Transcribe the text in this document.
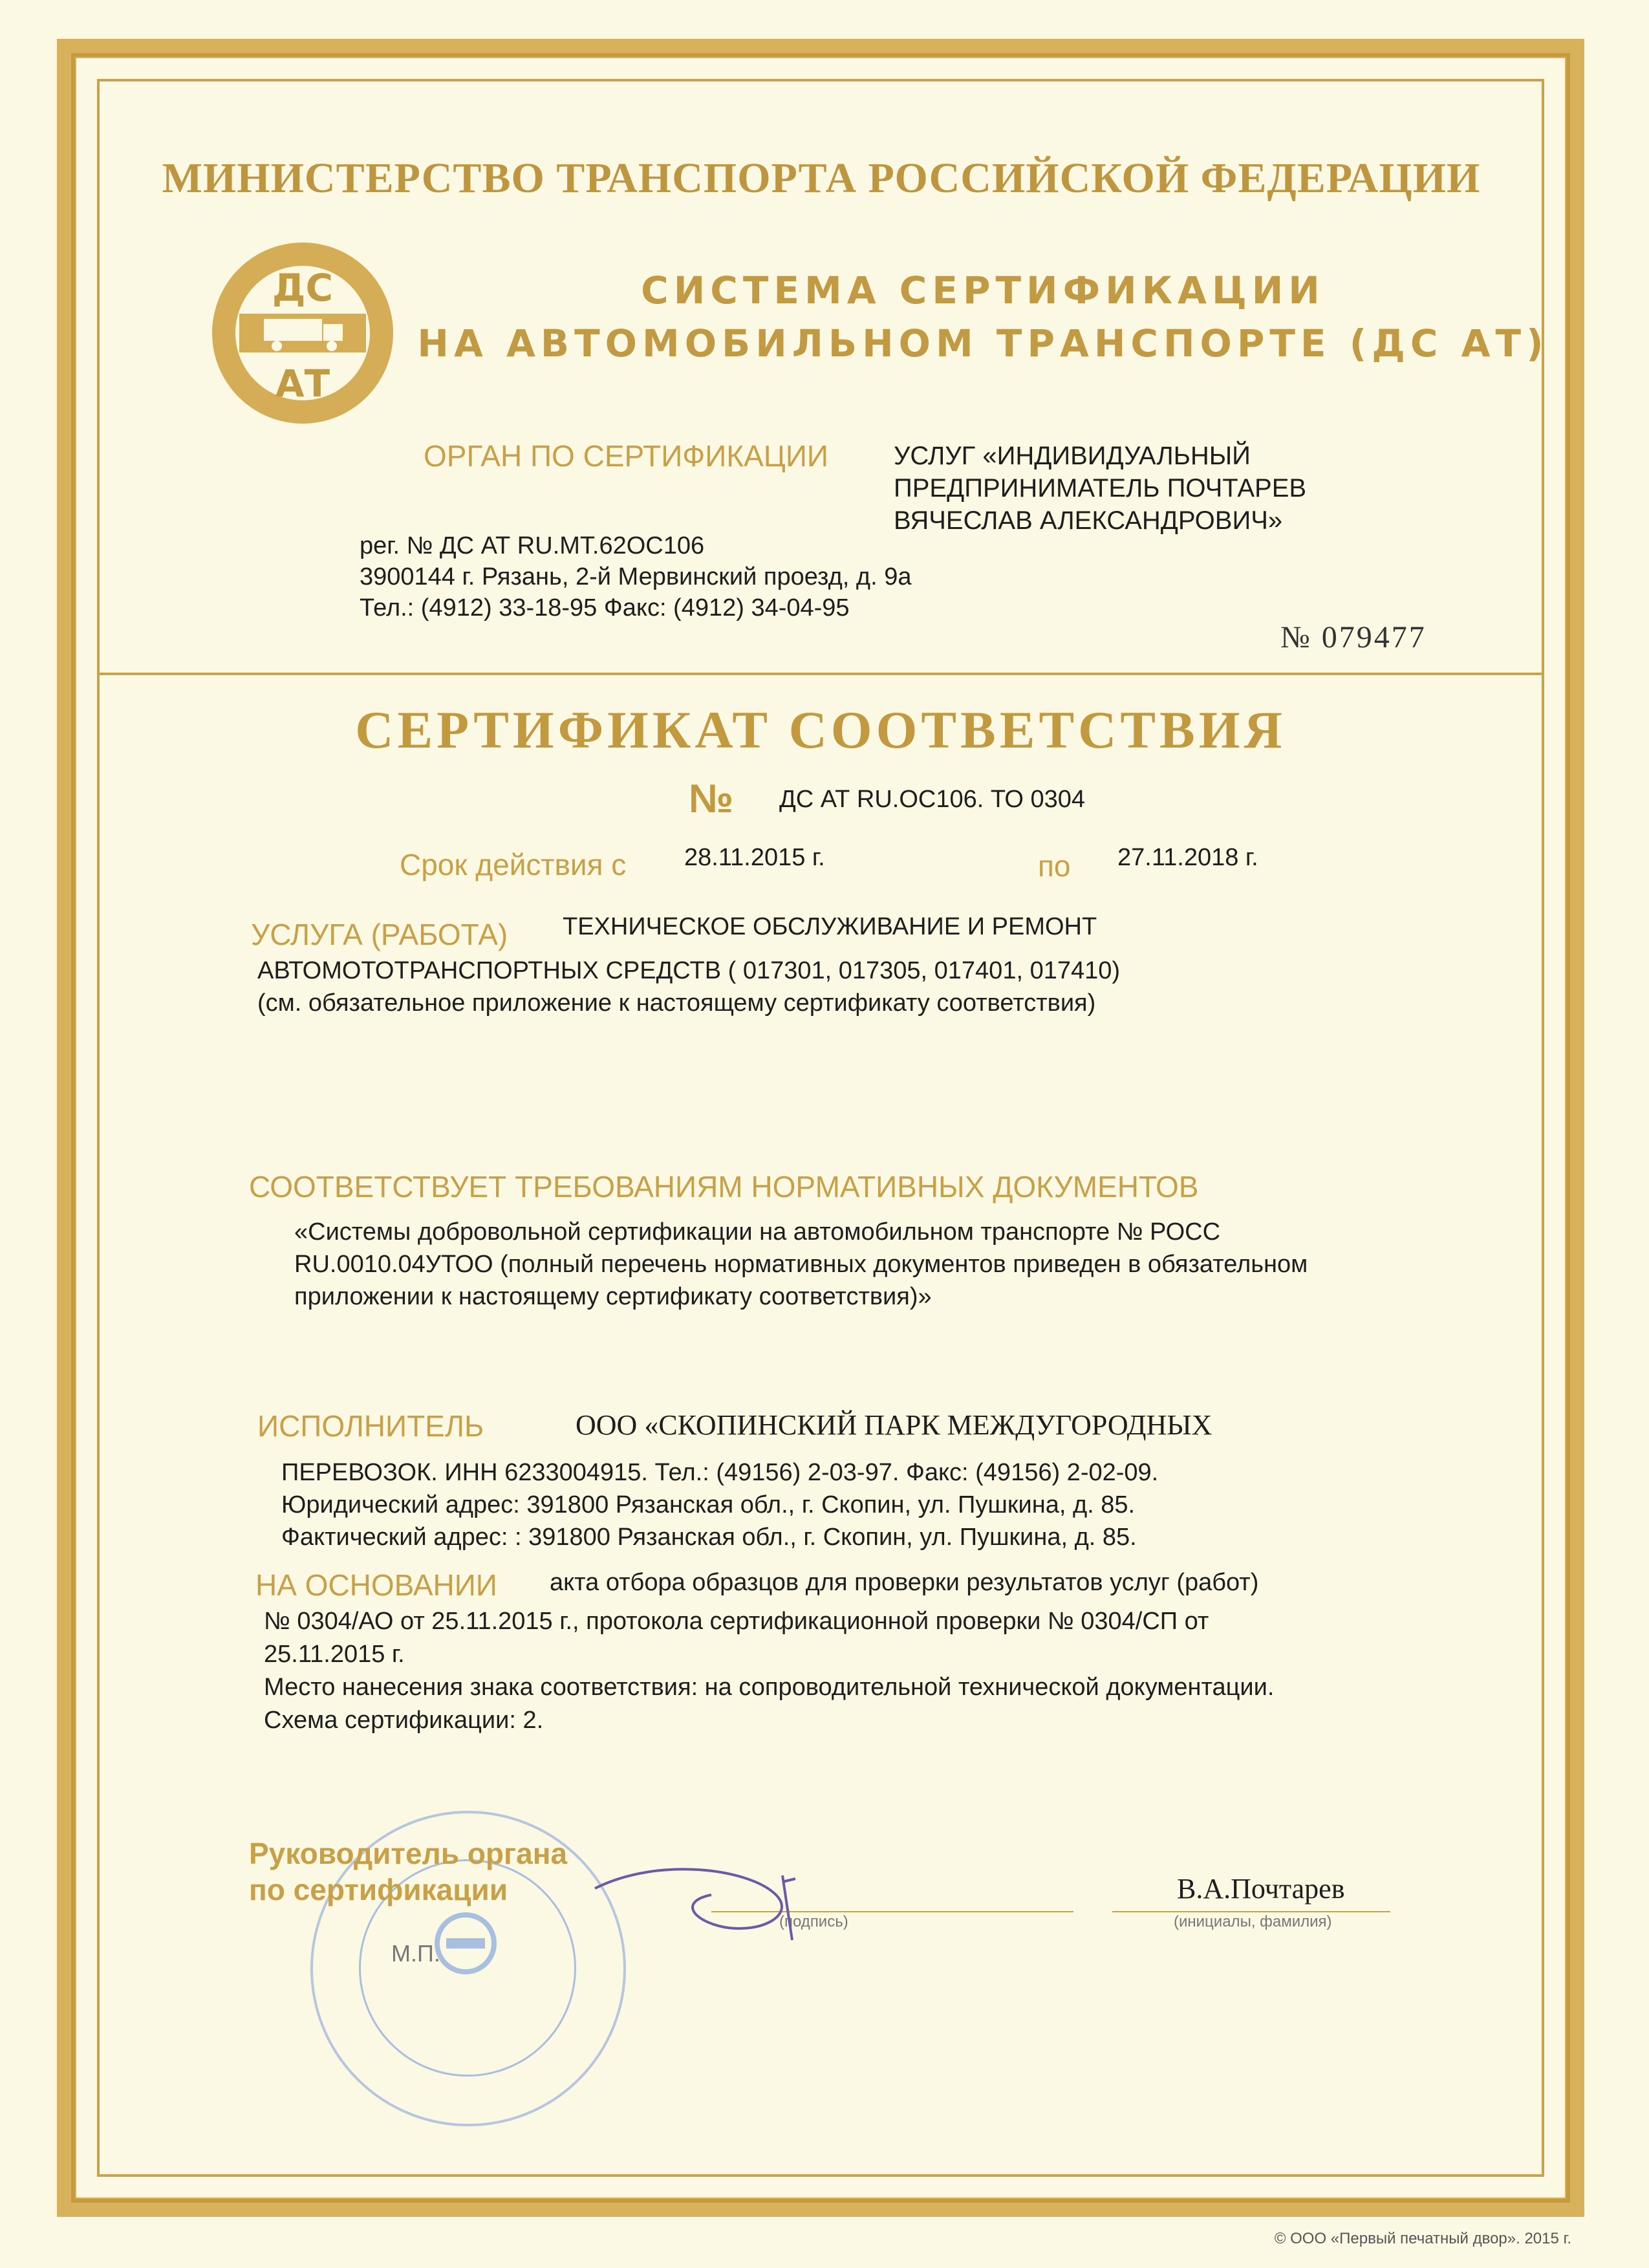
МИНИСТЕРСТВО ТРАНСПОРТА РОССИЙСКОЙ ФЕДЕРАЦИИ
ДС
АТ
СИСТЕМА СЕРТИФИКАЦИИ
НА АВТОМОБИЛЬНОМ ТРАНСПОРТЕ (ДС АТ)
ОРГАН ПО СЕРТИФИКАЦИИ	УСЛУГ «ИНДИВИДУАЛЬНЫЙ
ПРЕДПРИНИМАТЕЛЬ ПОЧТАРЕВ
ВЯЧЕСЛАВ АЛЕКСАНДРОВИЧ»
рег. № ДС АТ RU.МТ.62ОС106
3900144 г. Рязань, 2-й Мервинский проезд, д. 9а
Тел.: (4912) 33-18-95 Факс: (4912) 34-04-95
№ 079477
СЕРТИФИКАТ СООТВЕТСТВИЯ
№ ДС АТ RU.ОС106. ТО 0304
Срок действия с 28.11.2015 г.	по 27.11.2018 г.
УСЛУГА (РАБОТА) ТЕХНИЧЕСКОЕ ОБСЛУЖИВАНИЕ И РЕМОНТ
АВТОМОТОТРАНСПОРТНЫХ СРЕДСТВ ( 017301, 017305, 017401, 017410)
(см. обязательное приложение к настоящему сертификату соответствия)
СООТВЕТСТВУЕТ ТРЕБОВАНИЯМ НОРМАТИВНЫХ ДОКУМЕНТОВ
«Системы добровольной сертификации на автомобильном транспорте № РОСС
RU.0010.04УТОО (полный перечень нормативных документов приведен в обязательном
приложении к настоящему сертификату соответствия)»
ИСПОЛНИТЕЛЬ	ООО «СКОПИНСКИЙ ПАРК МЕЖДУГОРОДНЫХ
ПЕРЕВОЗОК. ИНН 6233004915. Тел.: (49156) 2-03-97. Факс: (49156) 2-02-09.
Юридический адрес: 391800 Рязанская обл., г. Скопин, ул. Пушкина, д. 85.
Фактический адрес: : 391800 Рязанская обл., г. Скопин, ул. Пушкина, д. 85.
НА ОСНОВАНИИ акта отбора образцов для проверки результатов услуг (работ)
№ 0304/АО от 25.11.2015 г., протокола сертификационной проверки № 0304/СП от
25.11.2015 г.
Место нанесения знака соответствия: на сопроводительной технической документации.
Схема сертификации: 2.
Руководитель органа
по сертификации
М.П.
(подпись)
В.А.Почтарев
(инициалы, фамилия)
© ООО «Первый печатный двор». 2015 г.
